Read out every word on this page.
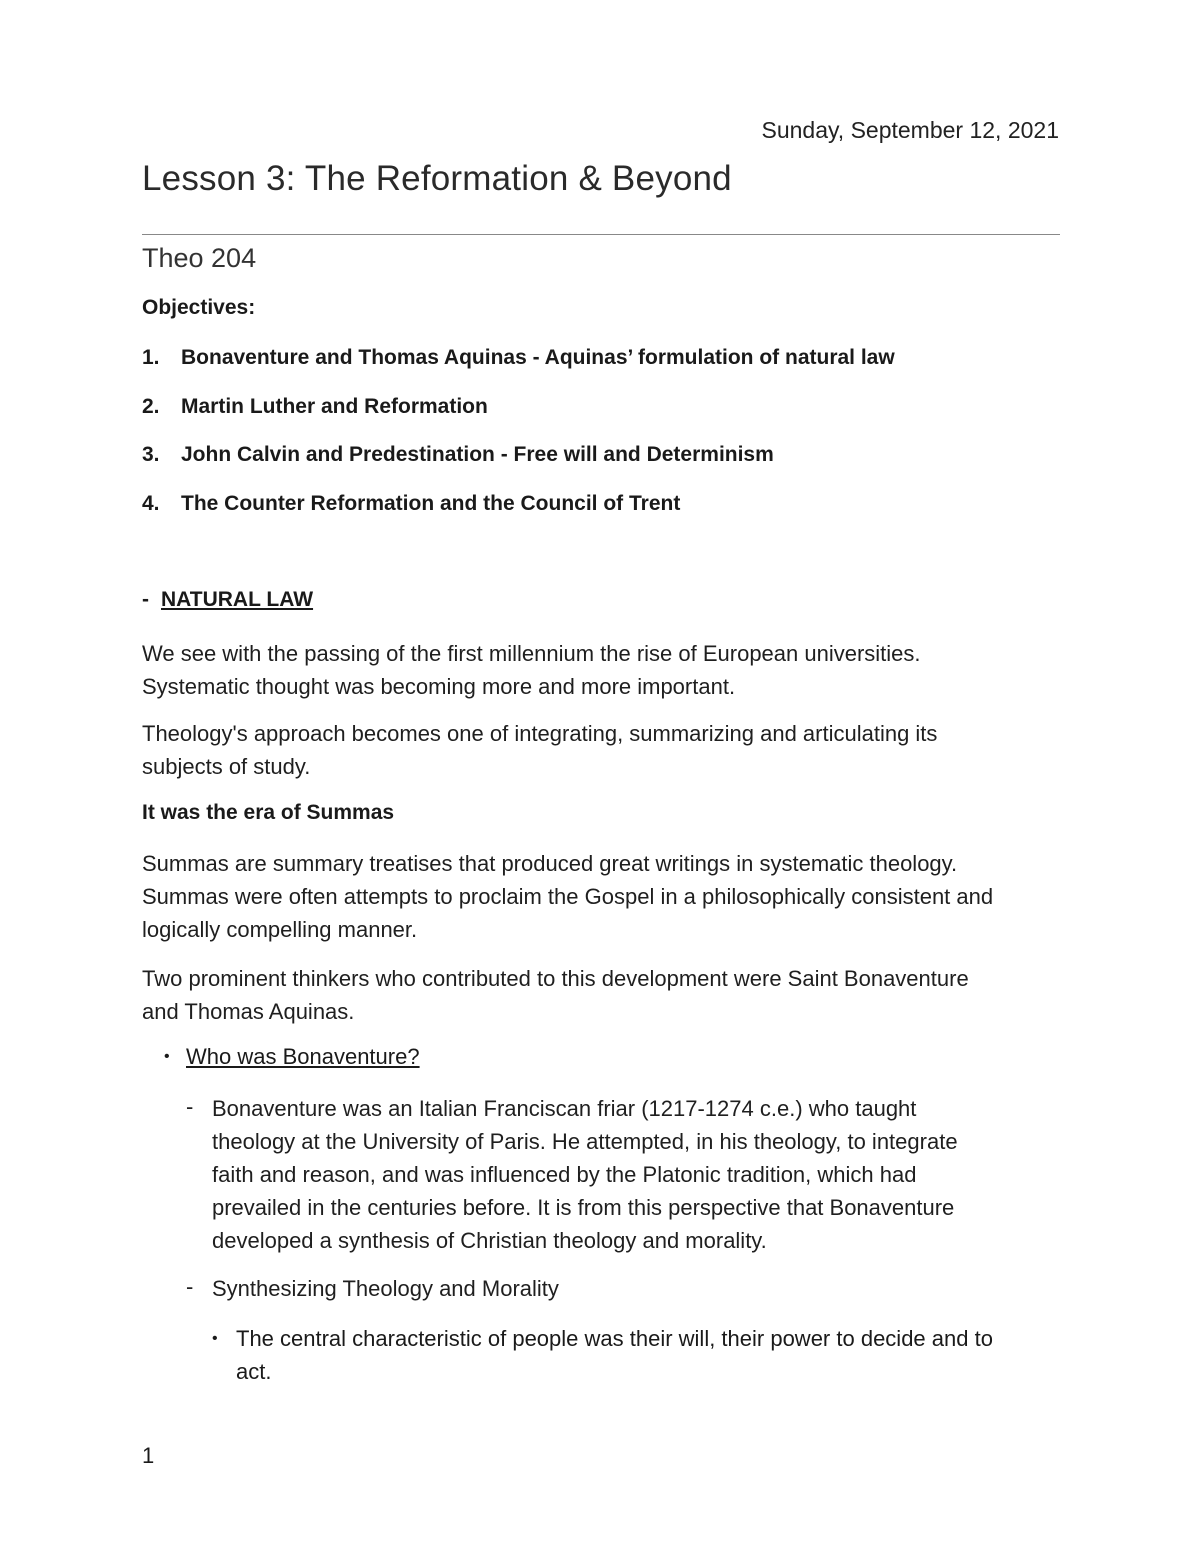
Sunday, September 12, 2021
Lesson 3: The Reformation & Beyond
Theo 204
Objectives:
1. Bonaventure and Thomas Aquinas - Aquinas’ formulation of natural law
2. Martin Luther and Reformation
3. John Calvin and Predestination - Free will and Determinism
4. The Counter Reformation and the Council of Trent
- NATURAL LAW
We see with the passing of the first millennium the rise of European universities.
Systematic thought was becoming more and more important.
Theology's approach becomes one of integrating, summarizing and articulating its
subjects of study.
It was the era of Summas
Summas are summary treatises that produced great writings in systematic theology.
Summas were often attempts to proclaim the Gospel in a philosophically consistent and
logically compelling manner.
Two prominent thinkers who contributed to this development were Saint Bonaventure
and Thomas Aquinas.
• Who was Bonaventure?
- Bonaventure was an Italian Franciscan friar (1217-1274 c.e.) who taught
theology at the University of Paris. He attempted, in his theology, to integrate
faith and reason, and was influenced by the Platonic tradition, which had
prevailed in the centuries before. It is from this perspective that Bonaventure
developed a synthesis of Christian theology and morality.
- Synthesizing Theology and Morality
• The central characteristic of people was their will, their power to decide and to
act.
1
